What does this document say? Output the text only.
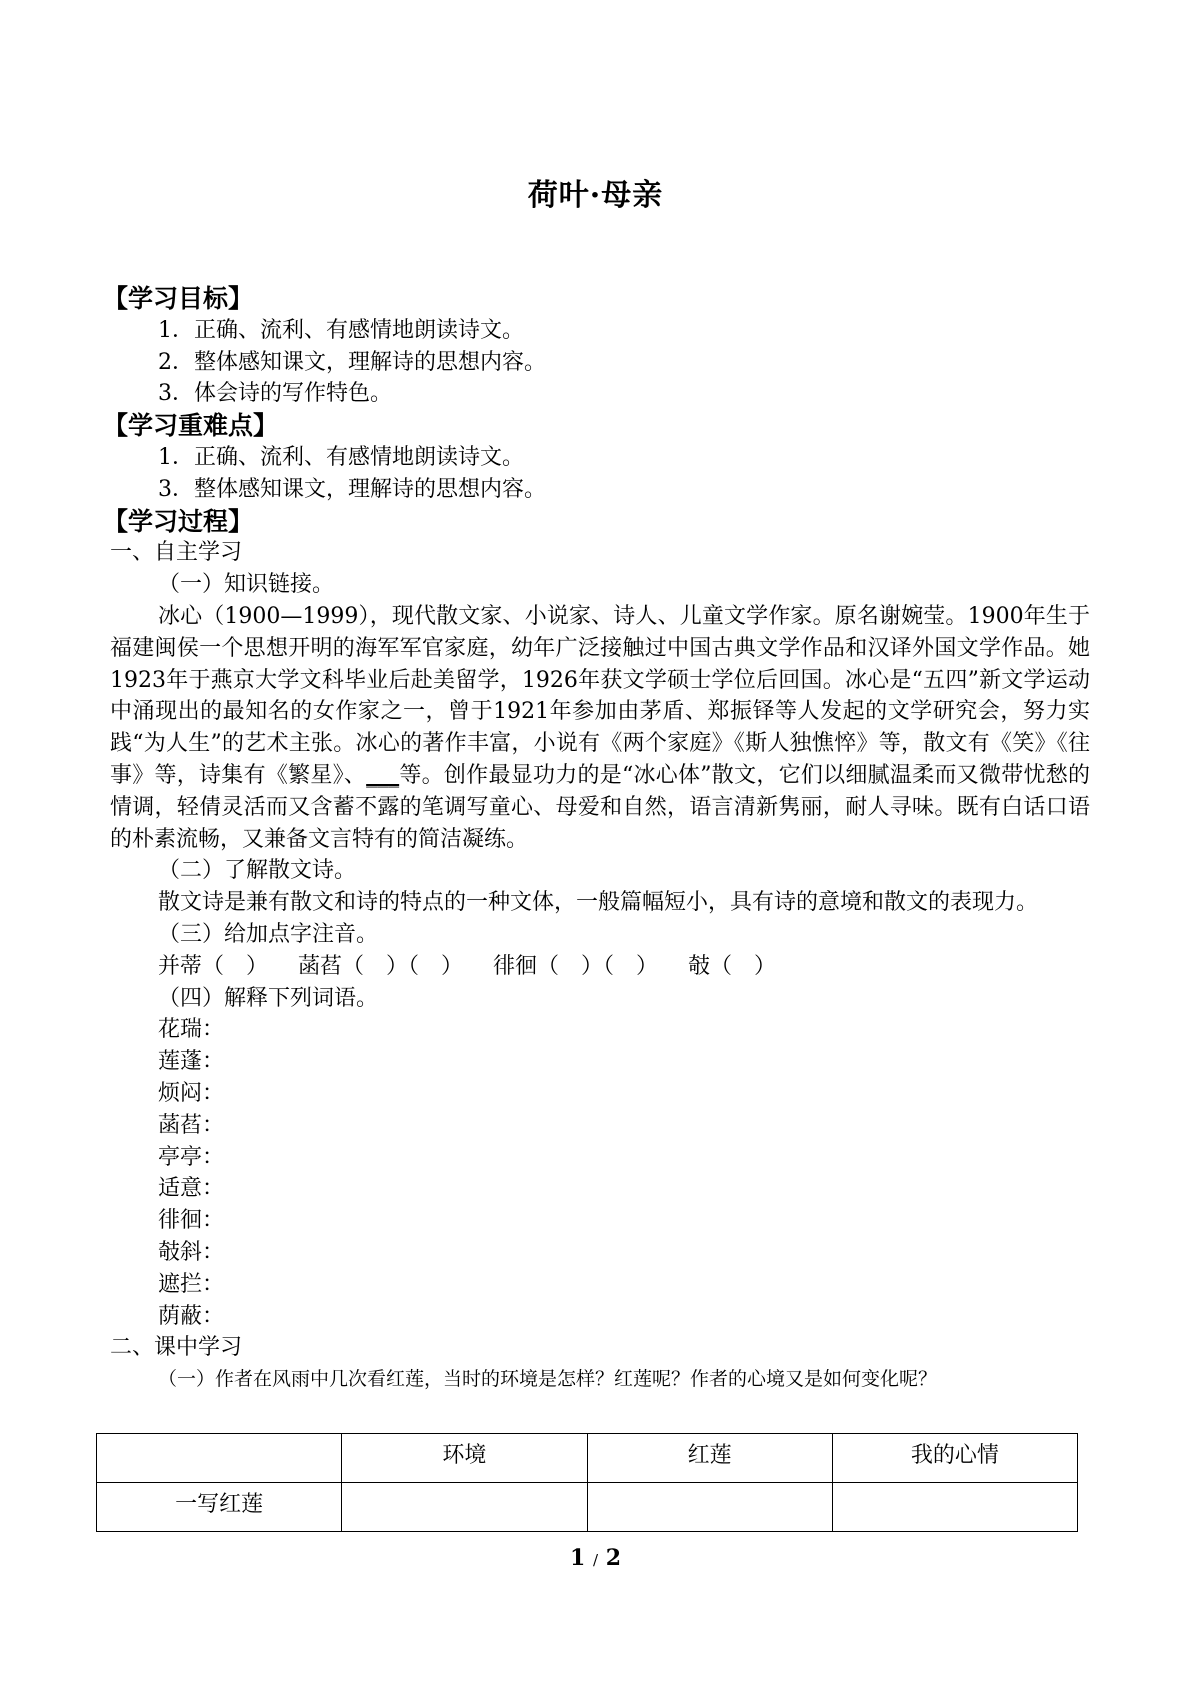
荷叶·母亲
【学习目标】
1．正确、流利、有感情地朗读诗文。
2．整体感知课文，理解诗的思想内容。
3．体会诗的写作特色。
【学习重难点】
1．正确、流利、有感情地朗读诗文。
3．整体感知课文，理解诗的思想内容。
【学习过程】
一、自主学习
（一）知识链接。
冰心（1900—1999），现代散文家、小说家、诗人、儿童文学作家。原名谢婉莹。1900年生于福建闽侯一个思想开明的海军军官家庭，幼年广泛接触过中国古典文学作品和汉译外国文学作品。她1923年于燕京大学文科毕业后赴美留学，1926年获文学硕士学位后回国。冰心是“五四”新文学运动中涌现出的最知名的女作家之一，曾于1921年参加由茅盾、郑振铎等人发起的文学研究会，努力实践“为人生”的艺术主张。冰心的著作丰富，小说有《两个家庭》《斯人独憔悴》等，散文有《笑》《往事》等，诗集有《繁星》、___等。创作最显功力的是“冰心体”散文，它们以细腻温柔而又微带忧愁的情调，轻倩灵活而又含蓄不露的笔调写童心、母爱和自然，语言清新隽丽，耐人寻味。既有白话口语的朴素流畅，又兼备文言特有的简洁凝练。
（二）了解散文诗。
散文诗是兼有散文和诗的特点的一种文体，一般篇幅短小，具有诗的意境和散文的表现力。
（三）给加点字注音。
并蒂（　） 菡萏（　）（　） 徘徊（　）（　） 攲（　）
（四）解释下列词语。
花瑞：
莲蓬：
烦闷：
菡萏：
亭亭：
适意：
徘徊：
攲斜：
遮拦：
荫蔽：
二、课中学习
（一）作者在风雨中几次看红莲，当时的环境是怎样？红莲呢？作者的心境又是如何变化呢？
	环境	红莲	我的心情
一写红莲			
1 / 2
